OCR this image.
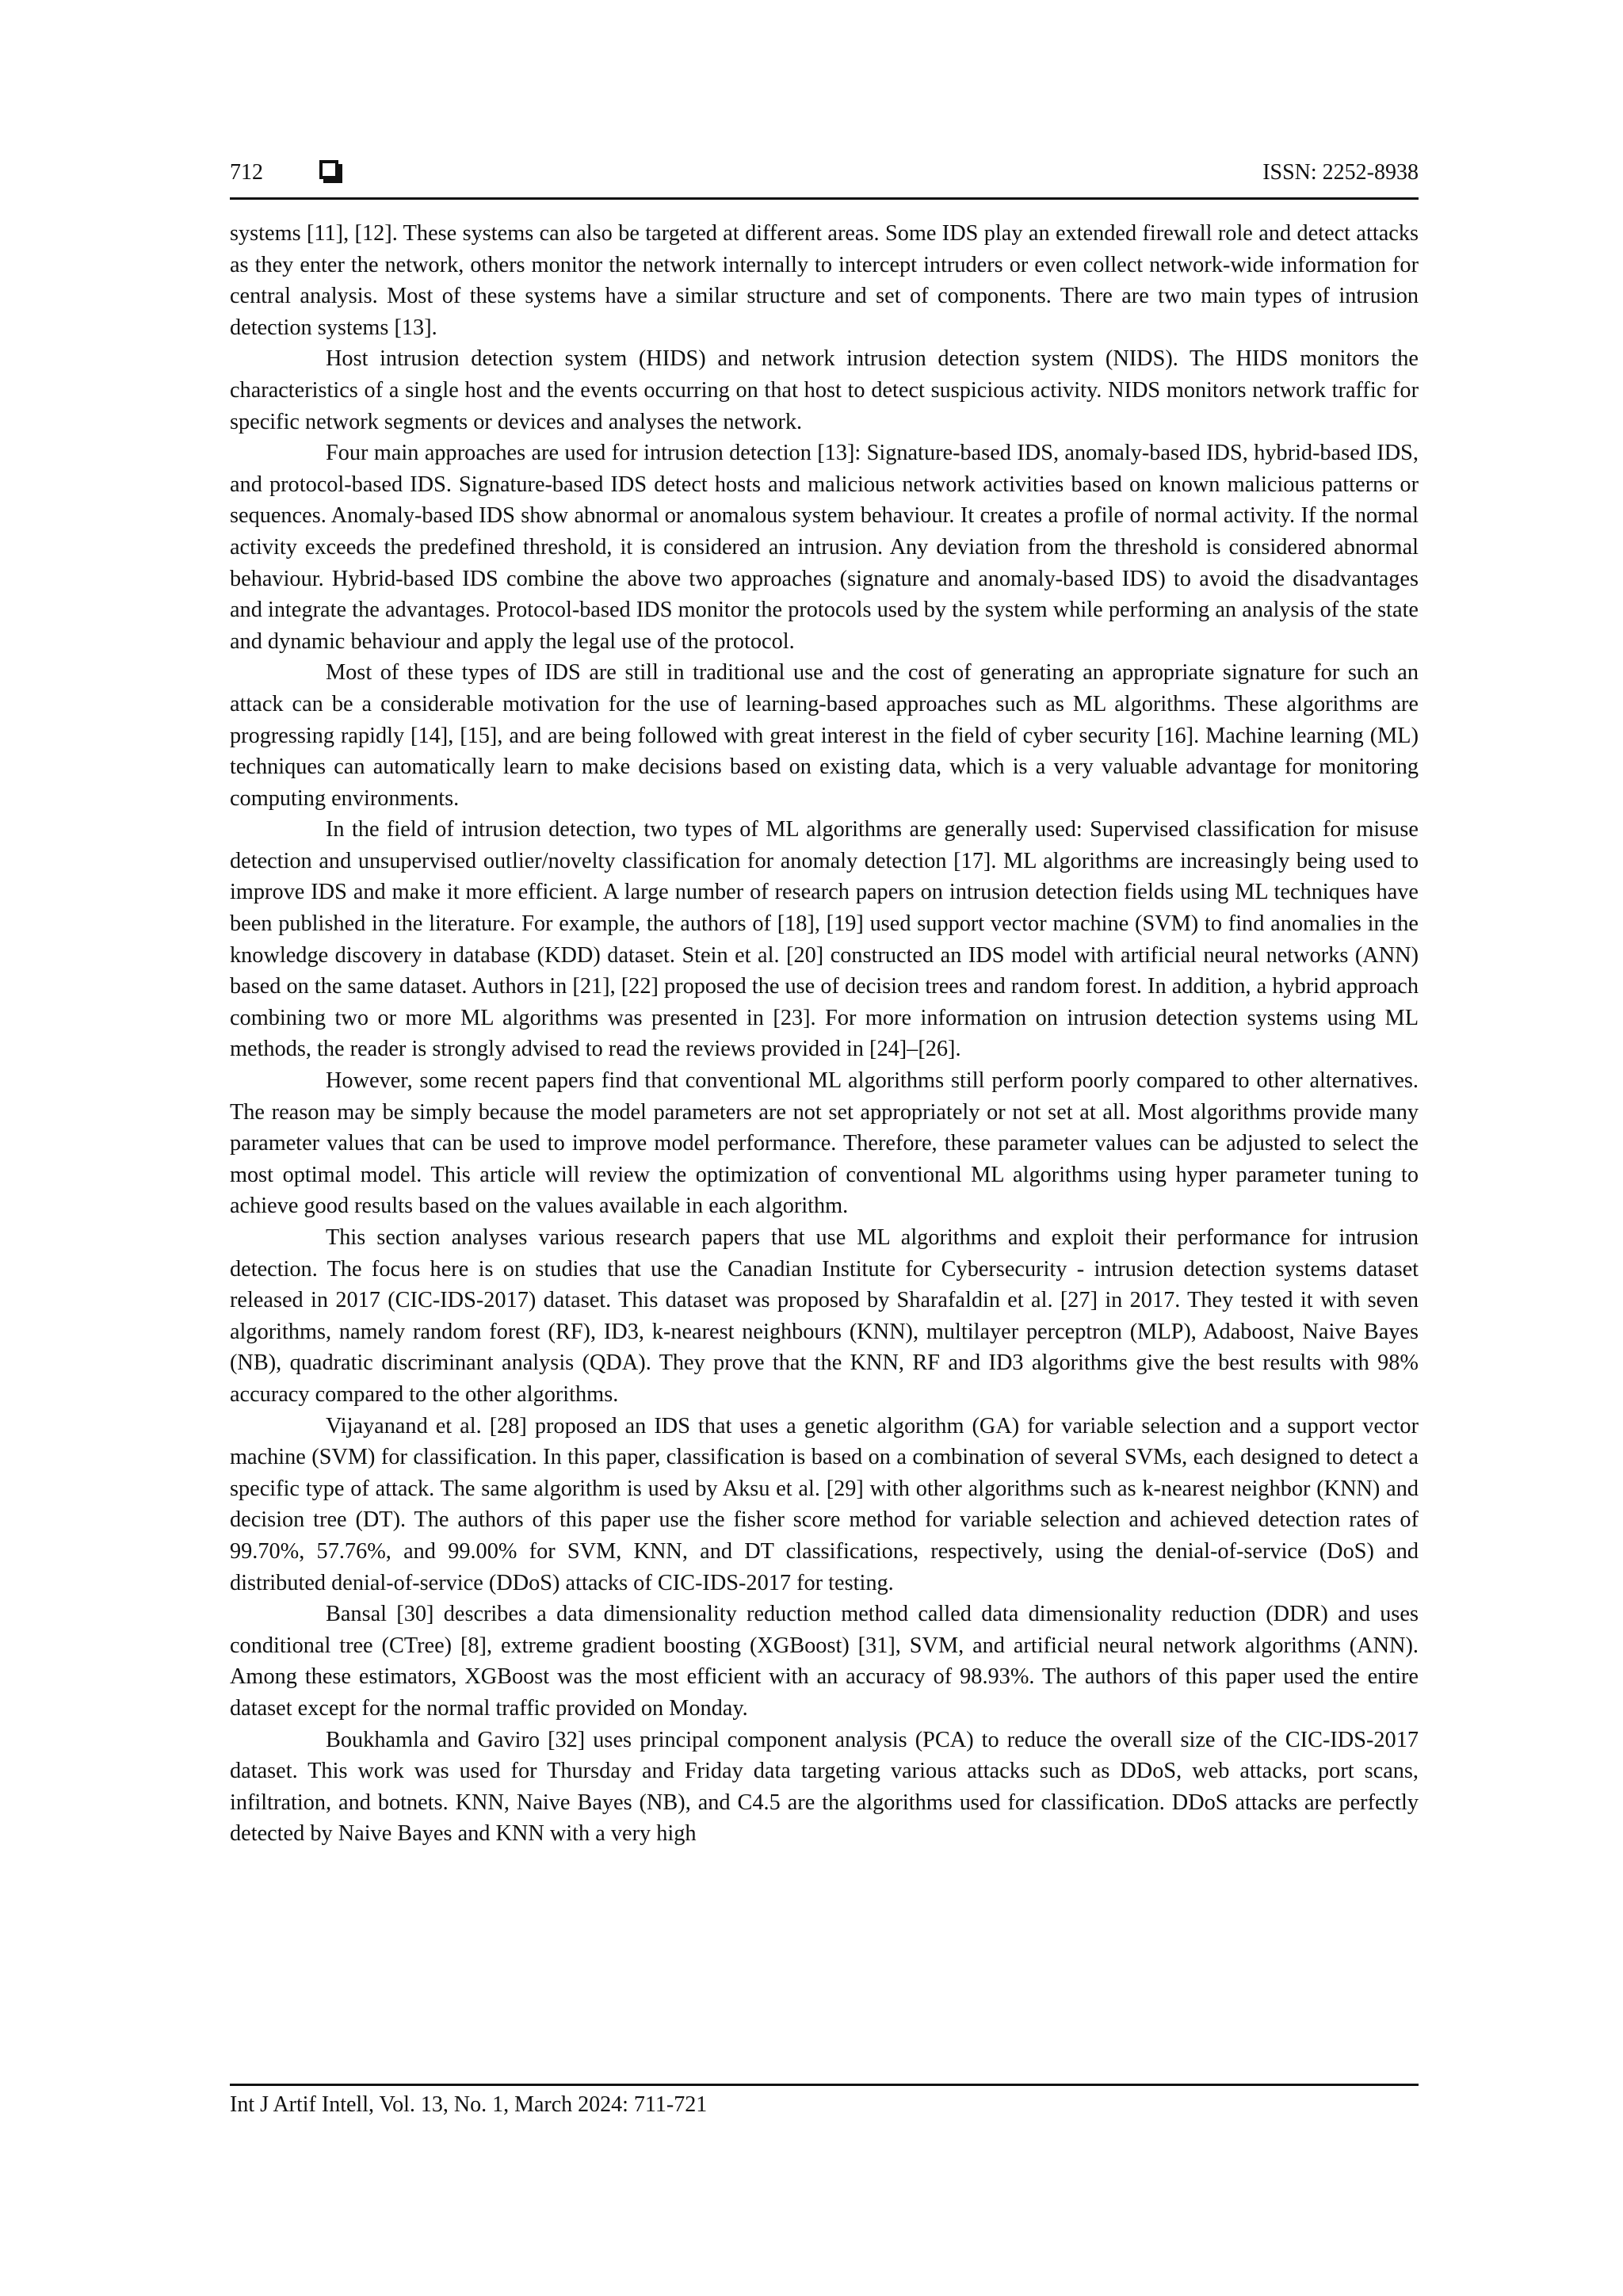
712	ISSN: 2252-8938

systems [11], [12]. These systems can also be targeted at different areas. Some IDS play an extended firewall role and detect attacks as they enter the network, others monitor the network internally to intercept intruders or even collect network-wide information for central analysis. Most of these systems have a similar structure and set of components. There are two main types of intrusion detection systems [13].

Host intrusion detection system (HIDS) and network intrusion detection system (NIDS). The HIDS monitors the characteristics of a single host and the events occurring on that host to detect suspicious activity. NIDS monitors network traffic for specific network segments or devices and analyses the network.

Four main approaches are used for intrusion detection [13]: Signature-based IDS, anomaly-based IDS, hybrid-based IDS, and protocol-based IDS. Signature-based IDS detect hosts and malicious network activities based on known malicious patterns or sequences. Anomaly-based IDS show abnormal or anomalous system behaviour. It creates a profile of normal activity. If the normal activity exceeds the predefined threshold, it is considered an intrusion. Any deviation from the threshold is considered abnormal behaviour. Hybrid-based IDS combine the above two approaches (signature and anomaly-based IDS) to avoid the disadvantages and integrate the advantages. Protocol-based IDS monitor the protocols used by the system while performing an analysis of the state and dynamic behaviour and apply the legal use of the protocol.

Most of these types of IDS are still in traditional use and the cost of generating an appropriate signature for such an attack can be a considerable motivation for the use of learning-based approaches such as ML algorithms. These algorithms are progressing rapidly [14], [15], and are being followed with great interest in the field of cyber security [16]. Machine learning (ML) techniques can automatically learn to make decisions based on existing data, which is a very valuable advantage for monitoring computing environments.

In the field of intrusion detection, two types of ML algorithms are generally used: Supervised classification for misuse detection and unsupervised outlier/novelty classification for anomaly detection [17]. ML algorithms are increasingly being used to improve IDS and make it more efficient. A large number of research papers on intrusion detection fields using ML techniques have been published in the literature. For example, the authors of [18], [19] used support vector machine (SVM) to find anomalies in the knowledge discovery in database (KDD) dataset. Stein et al. [20] constructed an IDS model with artificial neural networks (ANN) based on the same dataset. Authors in [21], [22] proposed the use of decision trees and random forest. In addition, a hybrid approach combining two or more ML algorithms was presented in [23]. For more information on intrusion detection systems using ML methods, the reader is strongly advised to read the reviews provided in [24]–[26].

However, some recent papers find that conventional ML algorithms still perform poorly compared to other alternatives. The reason may be simply because the model parameters are not set appropriately or not set at all. Most algorithms provide many parameter values that can be used to improve model performance. Therefore, these parameter values can be adjusted to select the most optimal model. This article will review the optimization of conventional ML algorithms using hyper parameter tuning to achieve good results based on the values available in each algorithm.

This section analyses various research papers that use ML algorithms and exploit their performance for intrusion detection. The focus here is on studies that use the Canadian Institute for Cybersecurity - intrusion detection systems dataset released in 2017 (CIC-IDS-2017) dataset. This dataset was proposed by Sharafaldin et al. [27] in 2017. They tested it with seven algorithms, namely random forest (RF), ID3, k-nearest neighbours (KNN), multilayer perceptron (MLP), Adaboost, Naive Bayes (NB), quadratic discriminant analysis (QDA). They prove that the KNN, RF and ID3 algorithms give the best results with 98% accuracy compared to the other algorithms.

Vijayanand et al. [28] proposed an IDS that uses a genetic algorithm (GA) for variable selection and a support vector machine (SVM) for classification. In this paper, classification is based on a combination of several SVMs, each designed to detect a specific type of attack. The same algorithm is used by Aksu et al. [29] with other algorithms such as k-nearest neighbor (KNN) and decision tree (DT). The authors of this paper use the fisher score method for variable selection and achieved detection rates of 99.70%, 57.76%, and 99.00% for SVM, KNN, and DT classifications, respectively, using the denial-of-service (DoS) and distributed denial-of-service (DDoS) attacks of CIC-IDS-2017 for testing.

Bansal [30] describes a data dimensionality reduction method called data dimensionality reduction (DDR) and uses conditional tree (CTree) [8], extreme gradient boosting (XGBoost) [31], SVM, and artificial neural network algorithms (ANN). Among these estimators, XGBoost was the most efficient with an accuracy of 98.93%. The authors of this paper used the entire dataset except for the normal traffic provided on Monday.

Boukhamla and Gaviro [32] uses principal component analysis (PCA) to reduce the overall size of the CIC-IDS-2017 dataset. This work was used for Thursday and Friday data targeting various attacks such as DDoS, web attacks, port scans, infiltration, and botnets. KNN, Naive Bayes (NB), and C4.5 are the algorithms used for classification. DDoS attacks are perfectly detected by Naive Bayes and KNN with a very high

Int J Artif Intell, Vol. 13, No. 1, March 2024: 711-721
